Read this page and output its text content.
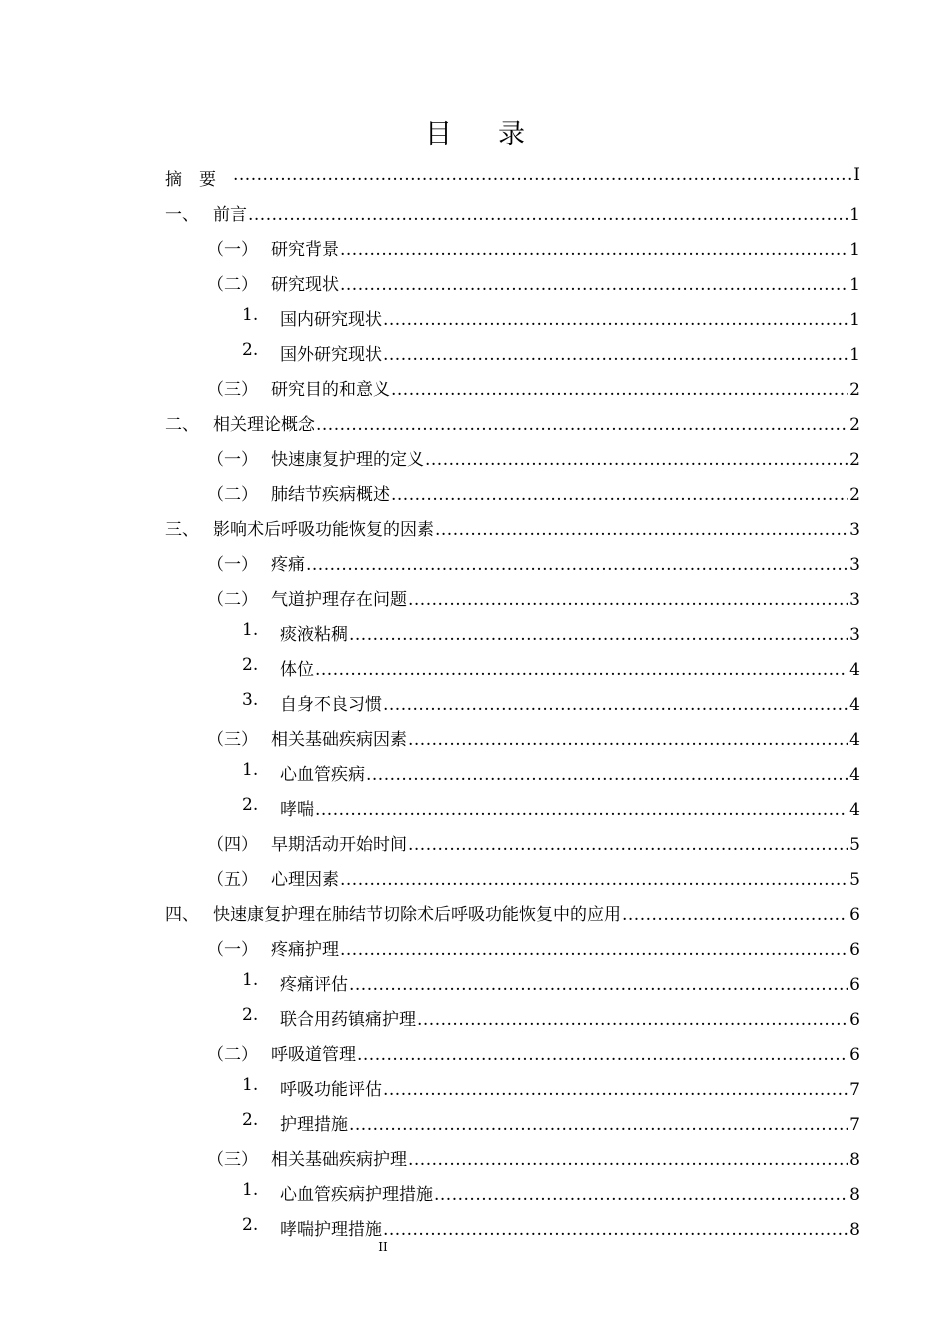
目 录
摘　要 .....	I
一、 前言 .....	1
（一） 研究背景 .....	1
（二） 研究现状 .....	1
1. 国内研究现状 .....	1
2. 国外研究现状 .....	1
（三） 研究目的和意义 .....	2
二、 相关理论概念 .....	2
（一） 快速康复护理的定义 .....	2
（二） 肺结节疾病概述 .....	2
三、 影响术后呼吸功能恢复的因素 .....	3
（一） 疼痛 .....	3
（二） 气道护理存在问题 .....	3
1. 痰液粘稠 .....	3
2. 体位 .....	4
3. 自身不良习惯 .....	4
（三） 相关基础疾病因素 .....	4
1. 心血管疾病 .....	4
2. 哮喘 .....	4
（四） 早期活动开始时间 .....	5
（五） 心理因素 .....	5
四、 快速康复护理在肺结节切除术后呼吸功能恢复中的应用 .....	6
（一） 疼痛护理 .....	6
1. 疼痛评估 .....	6
2. 联合用药镇痛护理 .....	6
（二） 呼吸道管理 .....	6
1. 呼吸功能评估 .....	7
2. 护理措施 .....	7
（三） 相关基础疾病护理 .....	8
1. 心血管疾病护理措施 .....	8
2. 哮喘护理措施 .....	8
II
